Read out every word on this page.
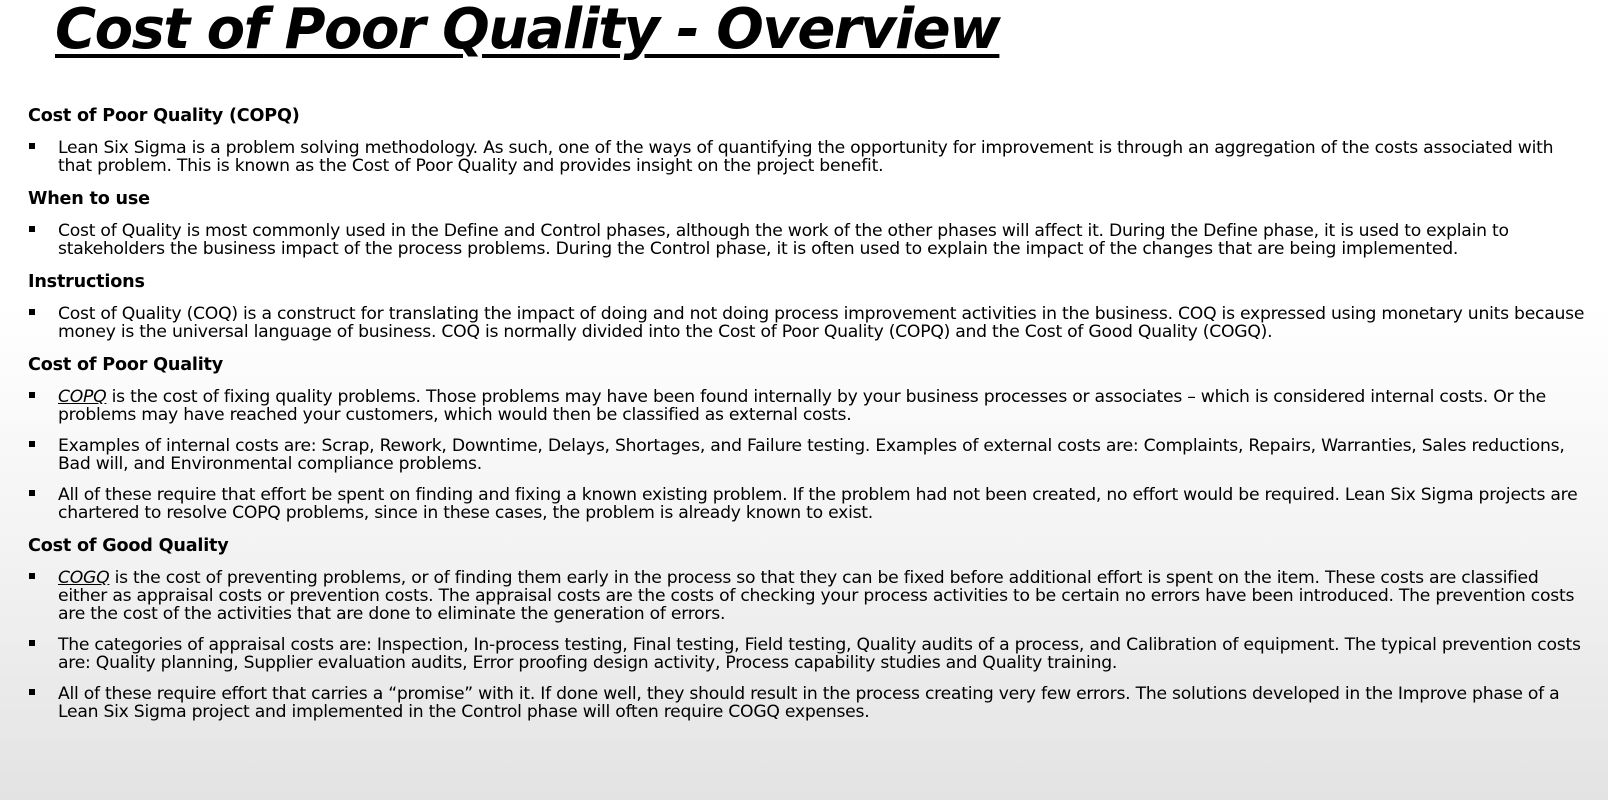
Cost of Poor Quality - Overview
Cost of Poor Quality (COPQ)
Lean Six Sigma is a problem solving methodology. As such, one of the ways of quantifying the opportunity for improvement is through an aggregation of the costs associated with that problem. This is known as the Cost of Poor Quality and provides insight on the project benefit.
When to use
Cost of Quality is most commonly used in the Define and Control phases, although the work of the other phases will affect it. During the Define phase, it is used to explain to stakeholders the business impact of the process problems. During the Control phase, it is often used to explain the impact of the changes that are being implemented.
Instructions
Cost of Quality (COQ) is a construct for translating the impact of doing and not doing process improvement activities in the business. COQ is expressed using monetary units because money is the universal language of business. COQ is normally divided into the Cost of Poor Quality (COPQ) and the Cost of Good Quality (COGQ).
Cost of Poor Quality
COPQ is the cost of fixing quality problems. Those problems may have been found internally by your business processes or associates – which is considered internal costs. Or the problems may have reached your customers, which would then be classified as external costs.
Examples of internal costs are: Scrap, Rework, Downtime, Delays, Shortages, and Failure testing. Examples of external costs are: Complaints, Repairs, Warranties, Sales reductions, Bad will, and Environmental compliance problems.
All of these require that effort be spent on finding and fixing a known existing problem. If the problem had not been created, no effort would be required. Lean Six Sigma projects are chartered to resolve COPQ problems, since in these cases, the problem is already known to exist.
Cost of Good Quality
COGQ is the cost of preventing problems, or of finding them early in the process so that they can be fixed before additional effort is spent on the item. These costs are classified either as appraisal costs or prevention costs. The appraisal costs are the costs of checking your process activities to be certain no errors have been introduced. The prevention costs are the cost of the activities that are done to eliminate the generation of errors.
The categories of appraisal costs are: Inspection, In-process testing, Final testing, Field testing, Quality audits of a process, and Calibration of equipment. The typical prevention costs are: Quality planning, Supplier evaluation audits, Error proofing design activity, Process capability studies and Quality training.
All of these require effort that carries a “promise” with it. If done well, they should result in the process creating very few errors. The solutions developed in the Improve phase of a Lean Six Sigma project and implemented in the Control phase will often require COGQ expenses.
